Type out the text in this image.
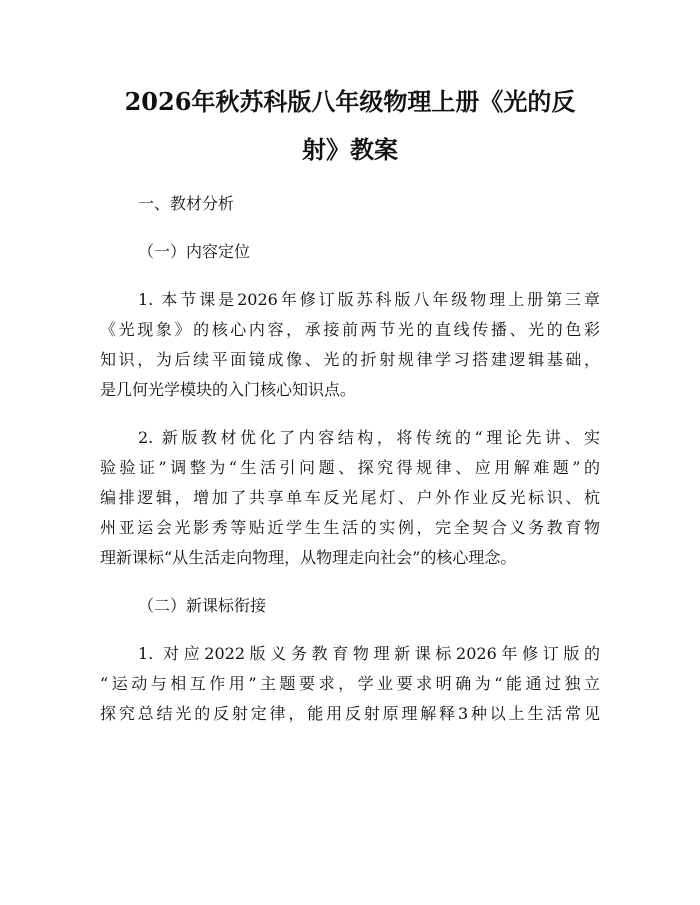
2026年秋苏科版八年级物理上册《光的反
射》教案

一、教材分析

（一）内容定位

1. 本节课是2026年修订版苏科版八年级物理上册第三章

《光现象》的核心内容，承接前两节光的直线传播、光的色彩

知识，为后续平面镜成像、光的折射规律学习搭建逻辑基础，

是几何光学模块的入门核心知识点。

2. 新版教材优化了内容结构，将传统的“理论先讲、实

验验证”调整为“生活引问题、探究得规律、应用解难题”的

编排逻辑，增加了共享单车反光尾灯、户外作业反光标识、杭

州亚运会光影秀等贴近学生生活的实例，完全契合义务教育物

理新课标“从生活走向物理，从物理走向社会”的核心理念。

（二）新课标衔接

1. 对应2022版义务教育物理新课标2026年修订版的

“运动与相互作用”主题要求，学业要求明确为“能通过独立

探究总结光的反射定律，能用反射原理解释3种以上生活常见
